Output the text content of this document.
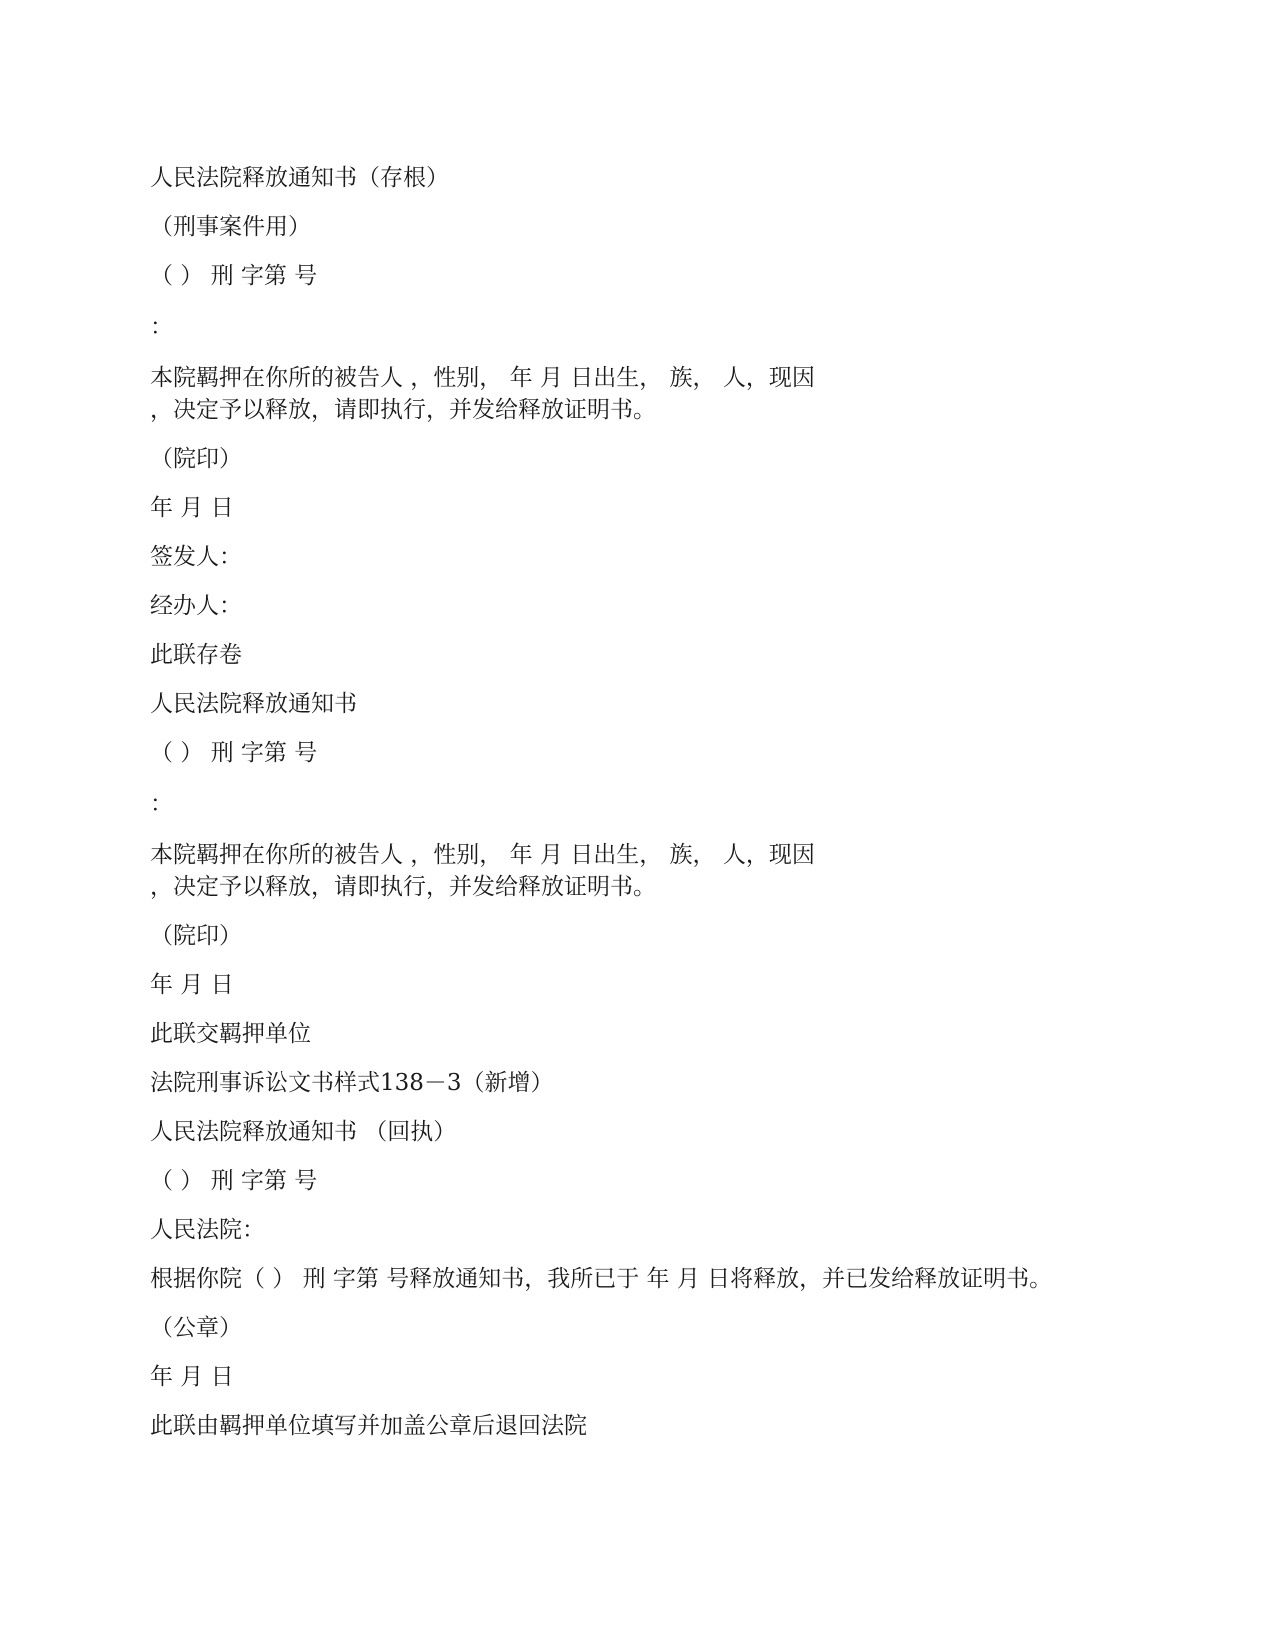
人民法院释放通知书（存根）

（刑事案件用）

（ ） 刑 字第 号

：

本院羁押在你所的被告人 ，性别， 年 月 日出生， 族， 人，现因

，决定予以释放，请即执行，并发给释放证明书。

（院印）

年 月 日

签发人：

经办人：

此联存卷

人民法院释放通知书

（ ） 刑 字第 号

：

本院羁押在你所的被告人 ，性别， 年 月 日出生， 族， 人，现因

，决定予以释放，请即执行，并发给释放证明书。

（院印）

年 月 日

此联交羁押单位

法院刑事诉讼文书样式138－3（新增）

人民法院释放通知书 （回执）

（ ） 刑 字第 号

人民法院：

根据你院（ ） 刑 字第 号释放通知书，我所已于 年 月 日将释放，并已发给释放证明书。

（公章）

年 月 日

此联由羁押单位填写并加盖公章后退回法院
